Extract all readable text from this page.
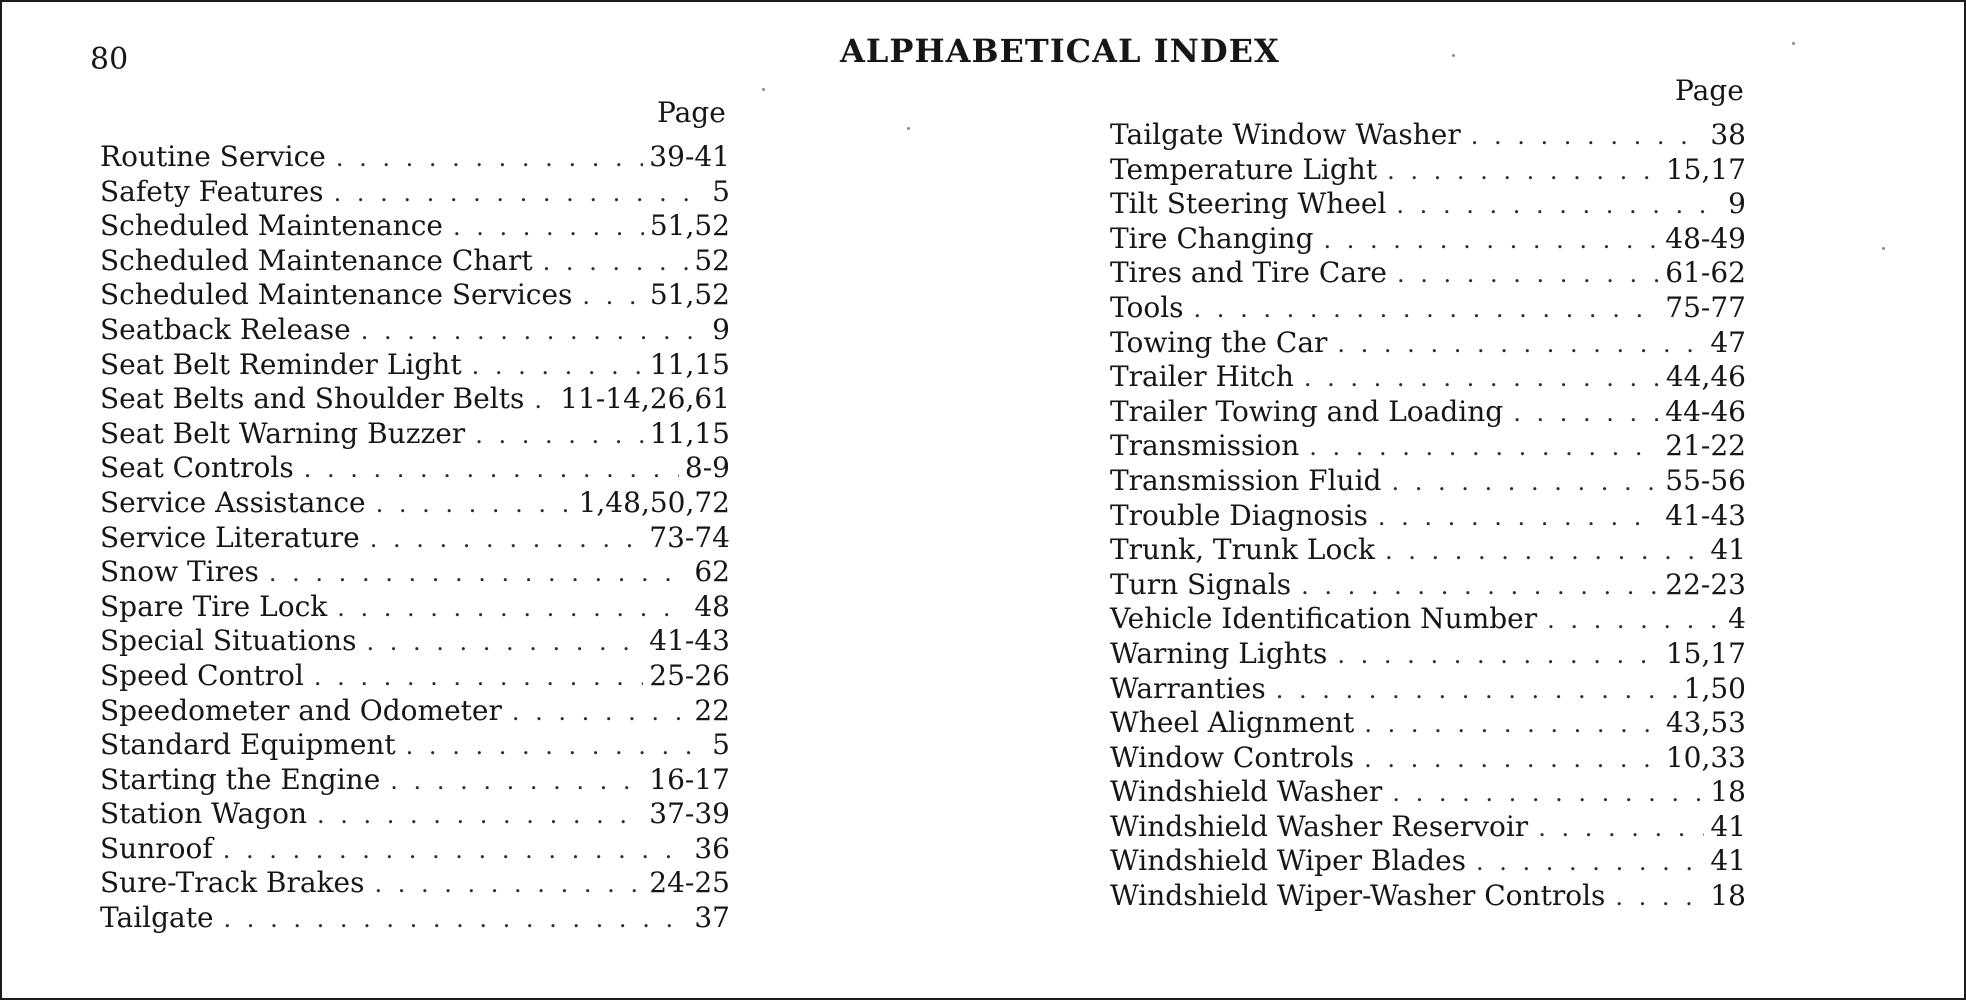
80	ALPHABETICAL INDEX
Page
Page
Routine Service . . .	39-41
Safety Features . . .	5
Scheduled Maintenance . . .	51,52
Scheduled Maintenance Chart . . .	52
Scheduled Maintenance Services . . .	51,52
Seatback Release . . .	9
Seat Belt Reminder Light . . .	11,15
Seat Belts and Shoulder Belts . . . 11-14,26,61
Seat Belt Warning Buzzer . . .	11,15
Seat Controls . . .	8-9
Service Assistance . . .	1,48,50,72
Service Literature . . .	73-74
Snow Tires . . .	62
Spare Tire Lock . . .	48
Special Situations . . .	41-43
Speed Control . . .	25-26
Speedometer and Odometer . . .	22
Standard Equipment . . .	5
Starting the Engine . . .	16-17
Station Wagon . . .	37-39
Sunroof . . .	36
Sure-Track Brakes . . .	24-25
Tailgate . . .	37
Tailgate Window Washer . . .	38
Temperature Light . . .	15,17
Tilt Steering Wheel . . .	9
Tire Changing . . .	48-49
Tires and Tire Care . . .	61-62
Tools . . .	75-77
Towing the Car . . .	47
Trailer Hitch . . .	44,46
Trailer Towing and Loading . . .	44-46
Transmission . . .	21-22
Transmission Fluid . . .	55-56
Trouble Diagnosis . . .	41-43
Trunk, Trunk Lock . . .	41
Turn Signals . . .	22-23
Vehicle Identification Number . . .	4
Warning Lights . . .	15,17
Warranties . . .	1,50
Wheel Alignment . . .	43,53
Window Controls . . .	10,33
Windshield Washer . . .	18
Windshield Washer Reservoir . . .	41
Windshield Wiper Blades . . .	41
Windshield Wiper-Washer Controls . . .	18
